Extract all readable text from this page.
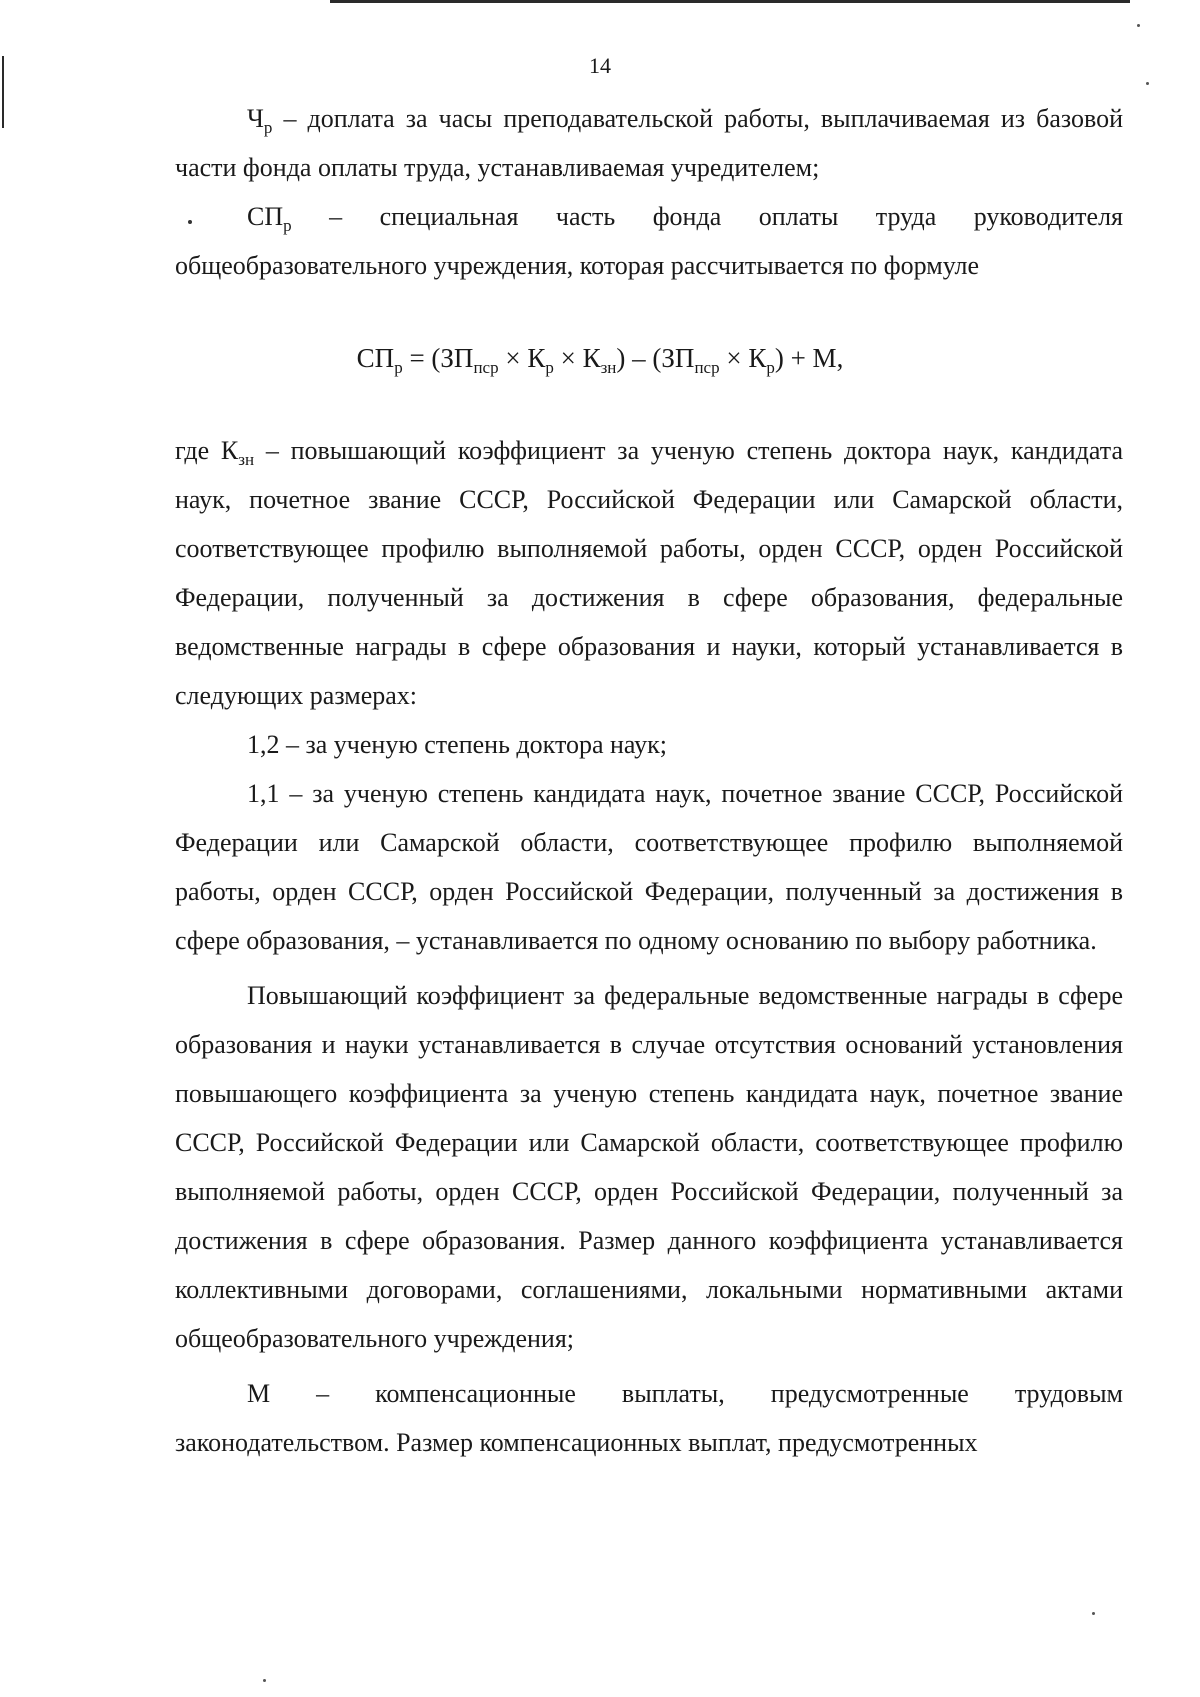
14

$Ч_р$ – доплата за часы преподавательской работы, выплачиваемая из базовой части фонда оплаты труда, устанавливаемая учредителем;

$СП_р$ – специальная часть фонда оплаты труда руководителя общеобразовательного учреждения, которая рассчитывается по формуле

$СП_р = (ЗП_{пср} \times К_р \times К_{зн}) - (ЗП_{пср} \times К_р) + М$,

где $К_{зн}$ – повышающий коэффициент за ученую степень доктора наук, кандидата наук, почетное звание СССР, Российской Федерации или Самарской области, соответствующее профилю выполняемой работы, орден СССР, орден Российской Федерации, полученный за достижения в сфере образования, федеральные ведомственные награды в сфере образования и науки, который устанавливается в следующих размерах:

1,2 – за ученую степень доктора наук;

1,1 – за ученую степень кандидата наук, почетное звание СССР, Российской Федерации или Самарской области, соответствующее профилю выполняемой работы, орден СССР, орден Российской Федерации, полученный за достижения в сфере образования, – устанавливается по одному основанию по выбору работника.

Повышающий коэффициент за федеральные ведомственные награды в сфере образования и науки устанавливается в случае отсутствия оснований установления повышающего коэффициента за ученую степень кандидата наук, почетное звание СССР, Российской Федерации или Самарской области, соответствующее профилю выполняемой работы, орден СССР, орден Российской Федерации, полученный за достижения в сфере образования. Размер данного коэффициента устанавливается коллективными договорами, соглашениями, локальными нормативными актами общеобразовательного учреждения;

М – компенсационные выплаты, предусмотренные трудовым законодательством. Размер компенсационных выплат, предусмотренных
